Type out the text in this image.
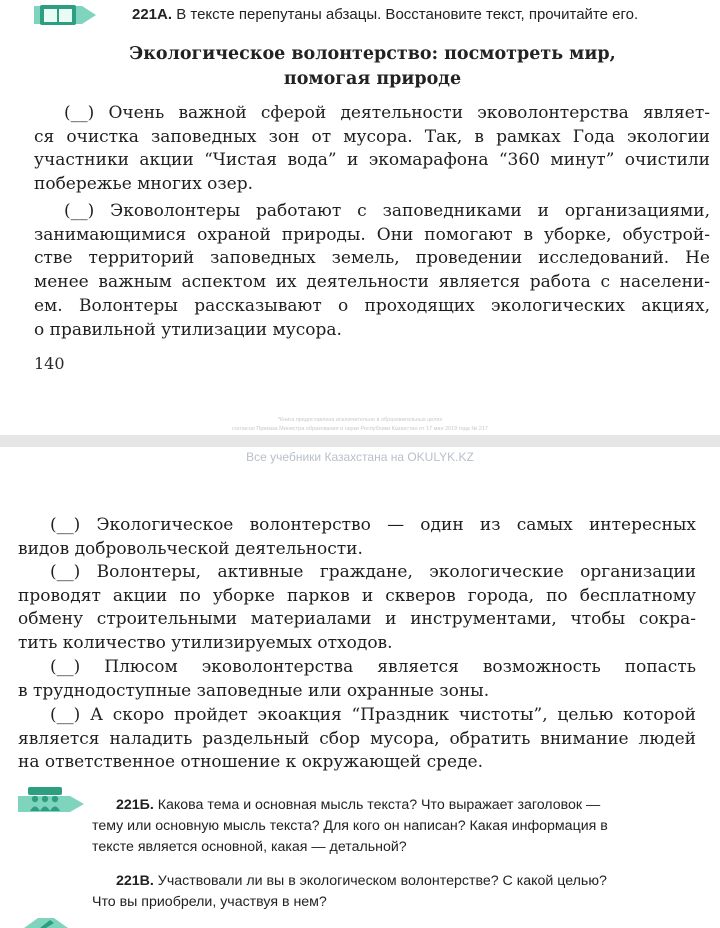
221А. В тексте перепутаны абзацы. Восстановите текст, прочитайте его.
Экологическое волонтерство: посмотреть мир,
помогая природе
(__) Очень важной сферой деятельности эковолонтерства являет-
ся очистка заповедных зон от мусора. Так, в рамках Года экологии
участники акции “Чистая вода” и экомарафона “360 минут” очистили
побережье многих озер.
(__) Эковолонтеры работают с заповедниками и организациями,
занимающимися охраной природы. Они помогают в уборке, обустрой-
стве территорий заповедных земель, проведении исследований. Не
менее важным аспектом их деятельности является работа с населени-
ем. Волонтеры рассказывают о проходящих экологических акциях,
о правильной утилизации мусора.
140
*Книга предоставлена исключительно в образовательных целях
согласно Приказа Министра образования и науки Республики Казахстан от 17 мая 2019 года № 217
Все учебники Казахстана на OKULYK.KZ
(__) Экологическое волонтерство — один из самых интересных
видов добровольческой деятельности.
(__) Волонтеры, активные граждане, экологические организации
проводят акции по уборке парков и скверов города, по бесплатному
обмену строительными материалами и инструментами, чтобы сокра-
тить количество утилизируемых отходов.
(__) Плюсом эковолонтерства является возможность попасть
в труднодоступные заповедные или охранные зоны.
(__) А скоро пройдет экоакция “Праздник чистоты”, целью которой
является наладить раздельный сбор мусора, обратить внимание людей
на ответственное отношение к окружающей среде.
221Б. Какова тема и основная мысль текста? Что выражает заголовок —
тему или основную мысль текста? Для кого он написан? Какая информация в
тексте является основной, какая — детальной?
221В. Участвовали ли вы в экологическом волонтерстве? С какой целью?
Что вы приобрели, участвуя в нем?
